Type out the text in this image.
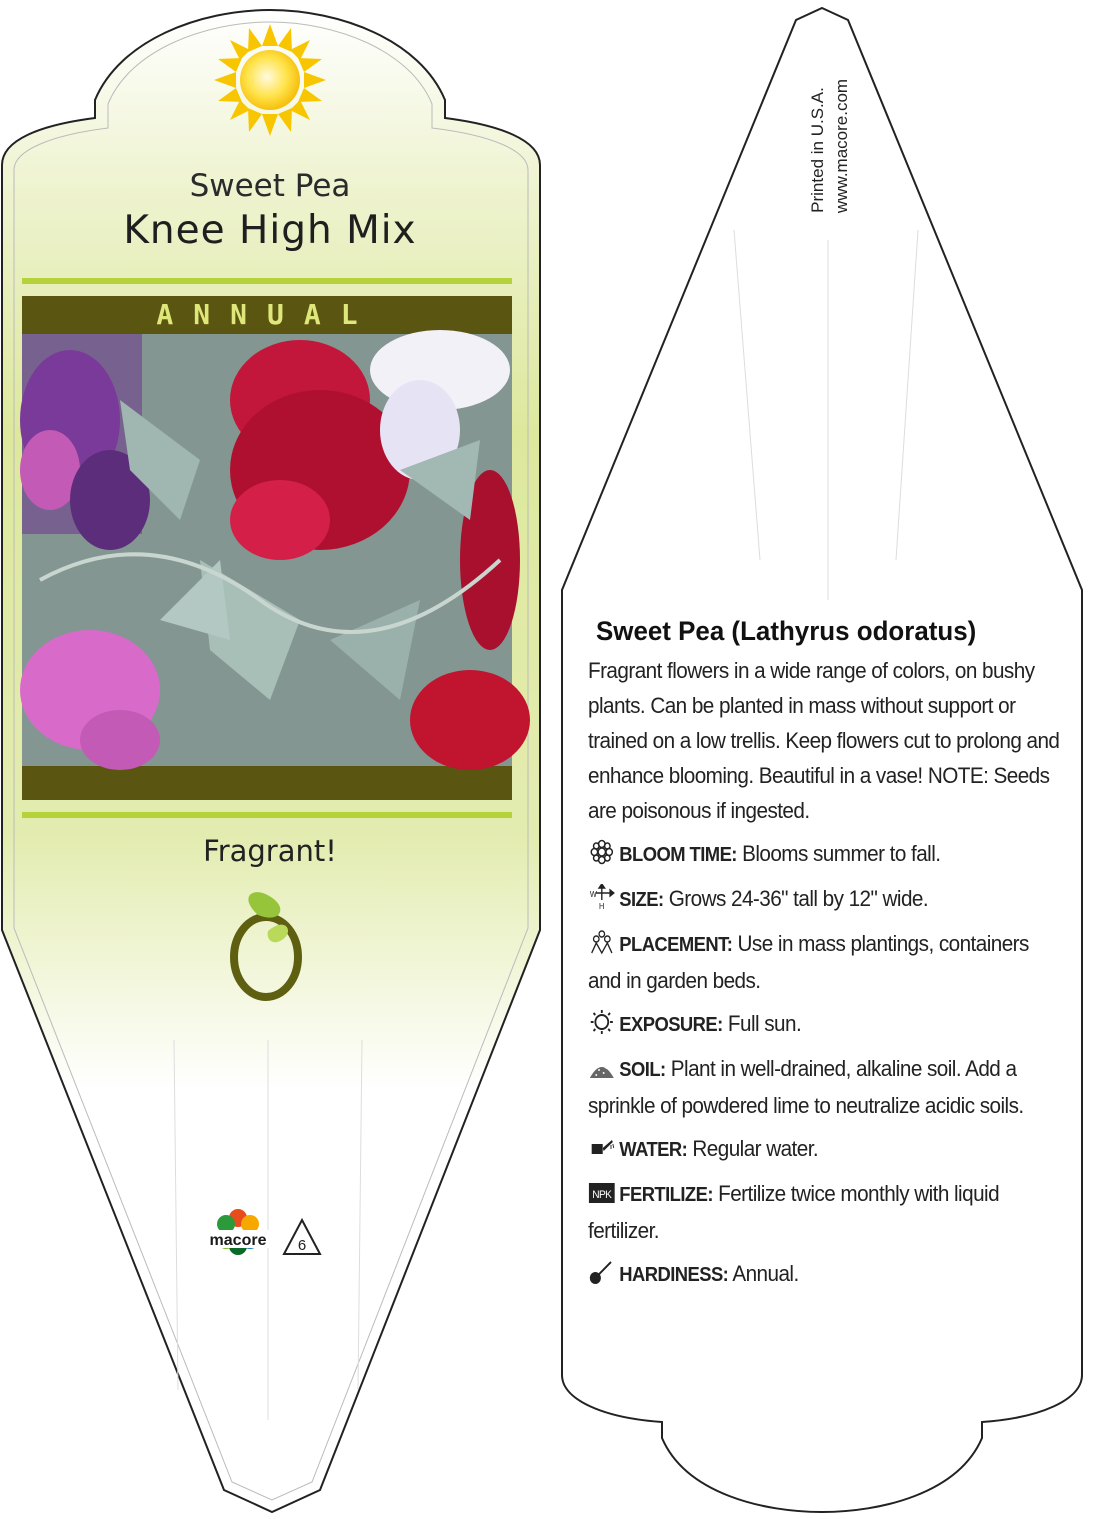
macore 6
Sweet Pea
Knee High Mix
ANNUAL
Fragrant!
Printed in U.S.A. www.macore.com
Sweet Pea (Lathyrus odoratus)
Fragrant flowers in a wide range of colors, on bushy plants. Can be planted in mass without support or trained on a low trellis. Keep flowers cut to prolong and enhance blooming. Beautiful in a vase! NOTE: Seeds are poisonous if ingested.
BLOOM TIME: Blooms summer to fall.
W
H SIZE: Grows 24-36" tall by 12" wide.
PLACEMENT: Use in mass plantings, containers and in garden beds.
EXPOSURE: Full sun.
SOIL: Plant in well-drained, alkaline soil. Add a sprinkle of powdered lime to neutralize acidic soils.
WATER: Regular water.
NPK FERTILIZE: Fertilize twice monthly with liquid fertilizer.
HARDINESS: Annual.
